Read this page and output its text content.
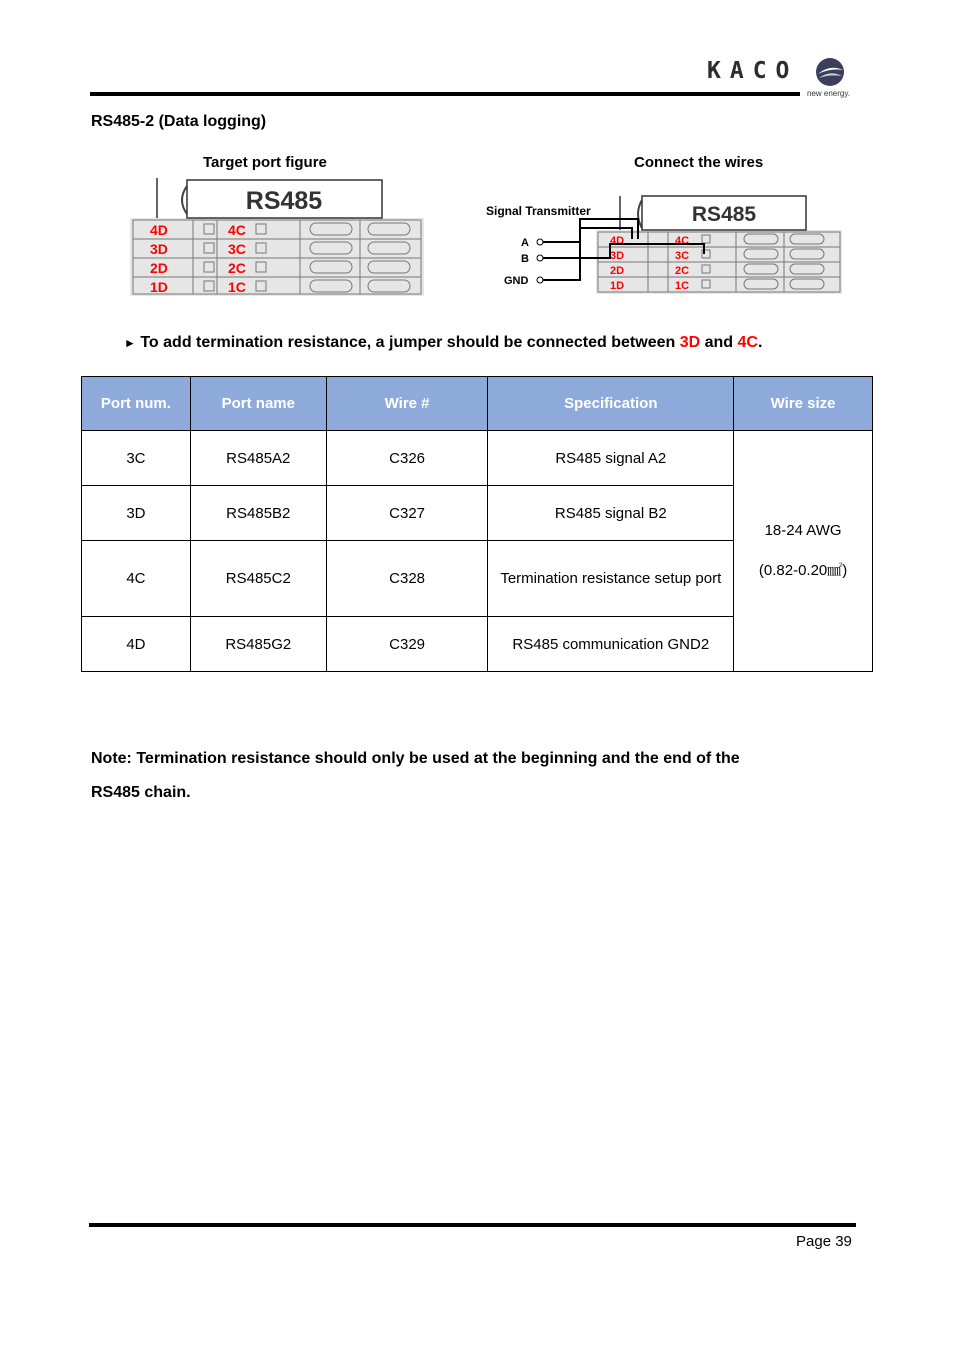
KACO
new energy.
RS485-2 (Data logging)
Target port figure	Connect the wires
RS485
4D
3D
2D
1D
4C
3C
2C
1C
Signal Transmitter
A
B
GND
RS485
4D
3D
2D
1D
4C
3C
2C
1C
► To add termination resistance, a jumper should be connected between 3D and 4C.
Port num.	Port name	Wire #	Specification	Wire size
3C	RS485A2	C326	RS485 signal A2	18-24 AWG
(0.82-0.20㎟)

3D	RS485B2	C327	RS485 signal B2	
4C	RS485C2	C328	Termination resistance setup port	
4D	RS485G2	C329	RS485 communication GND2	
Note: Termination resistance should only be used at the beginning and the end of the
RS485 chain.
Page 39
